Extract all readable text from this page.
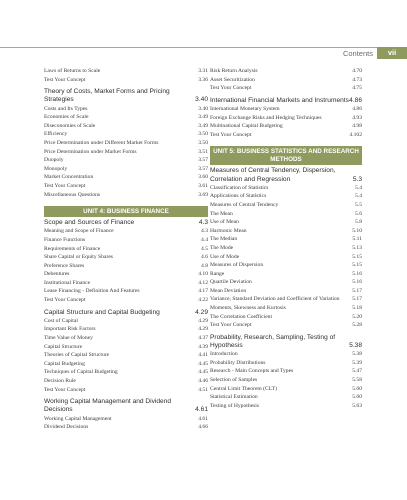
Contents	vii
Laws of Returns to Scale	3.31
Test Your Concept	3.36
Theory of Costs, Market Forms and Pricing Strategies	3.40
Costs and Its Types	3.40
Economies of Scale	3.49
Diseconomies of Scale	3.49
Efficiency	3.50
Price Determination under Different Market Forms	3.50
Price Determination under Market Forms	3.51
Duopoly	3.57
Monopoly	3.57
Market Concentration	3.60
Test Your Concept	3.61
Miscellaneous Questions	3.69
UNIT 4: BUSINESS FINANCE
Scope and Sources of Finance	4.3
Meaning and Scope of Finance	4.3
Finance Functions	4.4
Requirements of Finance	4.5
Share Capital or Equity Shares	4.6
Preference Shares	4.8
Debentures	4.10
Institutional Finance	4.12
Lease Financing - Definition And Features	4.17
Test Your Concept	4.22
Capital Structure and Capital Budgeting	4.29
Cost of Capital	4.29
Important Risk Factors	4.29
Time Value of Money	4.37
Capital Structure	4.39
Theories of Capital Structure	4.41
Capital Budgeting	4.45
Techniques of Capital Budgeting	4.45
Decision Rule	4.46
Test Your Concept	4.51
Working Capital Management and Dividend Decisions	4.61
Working Capital Management	4.61
Dividend Decisions	4.66
Risk Return Analysis	4.70
Asset Securitization	4.73
Test Your Concept	4.75
International Financial Markets and Instruments 4.86
International Monetary System	4.86
Foreign Exchange Risks and Hedging Techniques	4.93
Multinational Capital Budgeting	4.98
Test Your Concept	4.102
UNIT 5: BUSINESS STATISTICS AND RESEARCH METHODS
Measures of Central Tendency, Dispersion, Correlation and Regression	5.3
Classification of Statistics	5.4
Applications of Statistics	5.4
Measures of Central Tendency	5.5
The Mean	5.6
Use of Mean	5.8
Harmonic Mean	5.10
The Median	5.11
The Mode	5.13
Use of Mode	5.15
Measures of Dispersion	5.15
Range	5.16
Quartile Deviation	5.16
Mean Deviation	5.17
Variance, Standard Deviation and Coefficient of Variation	5.17
Moments, Skewness and Kurtosis	5.18
The Correlation Coefficient	5.20
Test Your Concept	5.28
Probability, Research, Sampling, Testing of Hypothesis	5.38
Introduction	5.38
Probability Distributions	5.39
Research - Main Concepts and Types	5.47
Selection of Samples	5.58
Central Limit Theorem (CLT)	5.60
Statistical Estimation	5.60
Testing of Hypothesis	5.63
